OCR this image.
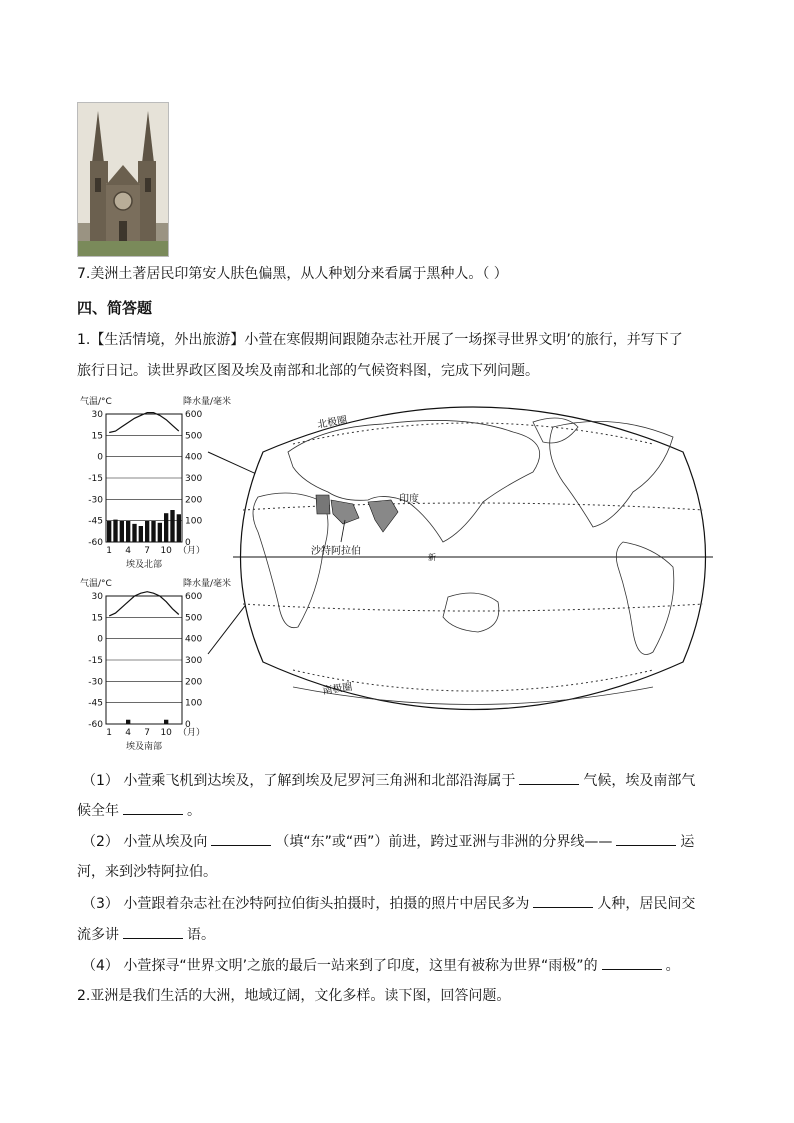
7.美洲土著居民印第安人肤色偏黑，从人种划分来看属于黑种人。（ ）
四、简答题
1.【生活情境，外出旅游】小萱在寒假期间跟随杂志社开展了一场探寻世界文明’的旅行，并写下了
旅行日记。读世界政区图及埃及南部和北部的气候资料图，完成下列问题。
气温/°C	降水量/毫米
30
15
0
-15
-30
-45
-60
600
500
400
300
200
100
0
1 4 7 10 （月）
埃及北部
气温/°C	降水量/毫米
30
15
0
-15
-30
-45
-60
600
500
400
300
200
100
0
1 4 7 10 （月）
埃及南部
印度
沙特阿拉伯
北极圈
南极圈
新
（1） 小萱乘飞机到达埃及，了解到埃及尼罗河三角洲和北部沿海属于	气候，埃及南部气
候全年	。
（2） 小萱从埃及向	（填“东”或“西”）前进，跨过亚洲与非洲的分界线——	运
河，来到沙特阿拉伯。
（3） 小萱跟着杂志社在沙特阿拉伯街头拍摄时，拍摄的照片中居民多为	人种，居民间交
流多讲	语。
（4） 小萱探寻“世界文明’之旅的最后一站来到了印度，这里有被称为世界“雨极”的	。
2.亚洲是我们生活的大洲，地域辽阔，文化多样。读下图，回答问题。
